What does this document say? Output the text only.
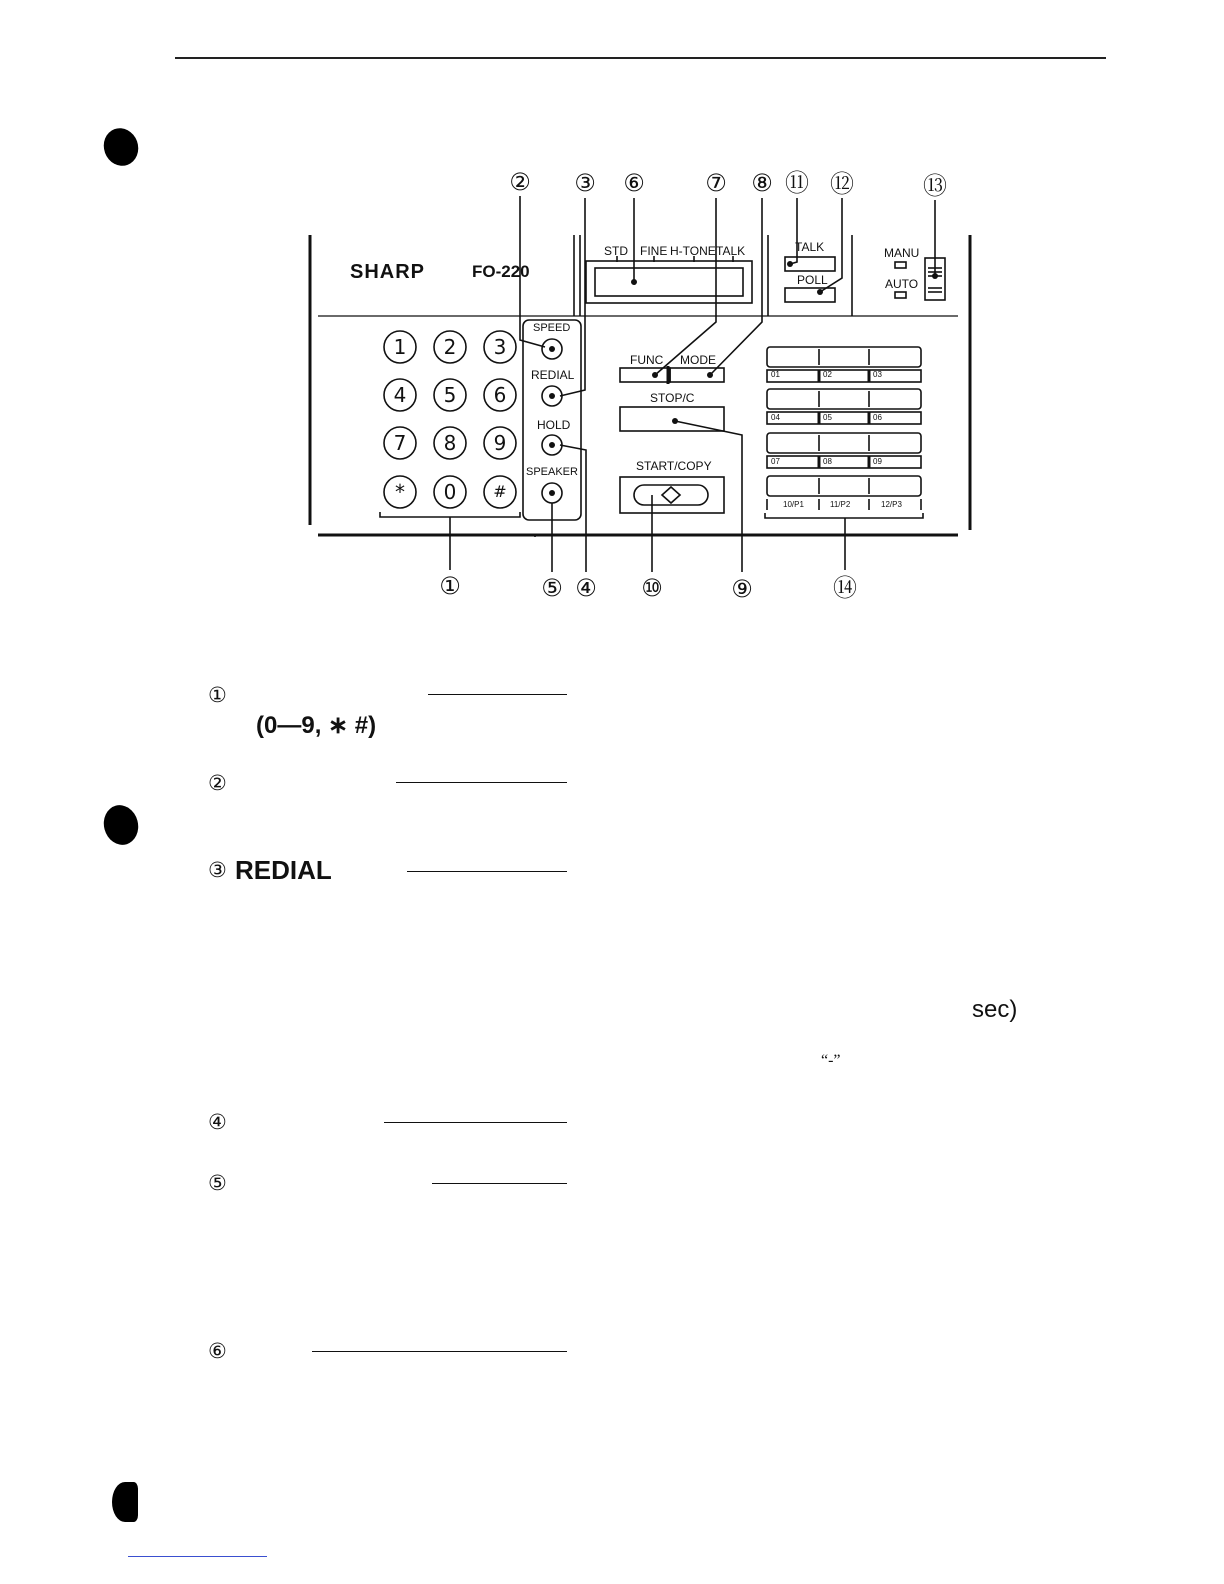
SHARP	FO-220
STD FINE H-TONE TALK	TALK
POLL
MANU
AUTO
1 2 3
4 5 6
7 8 9
* 0 #
SPEED
REDIAL
HOLD
SPEAKER
FUNC MODE
STOP/C
START/COPY
01	02	03
04	05	06
07	08	09
10/P1	11/P2	12/P3
② ③ ⑥	⑦ ⑧ ⑪ ⑫	⑬
①	⑤ ④ ⑩	⑨	⑭
①
(0—9, ∗ #)
②
③ REDIAL
sec)
“-”
④
⑤
⑥
